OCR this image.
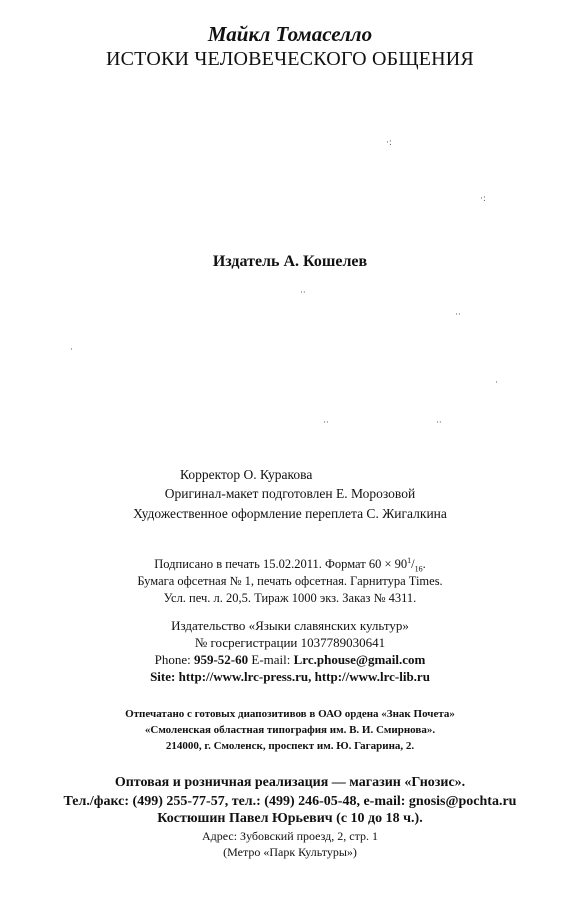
Майкл Томаселло
ИСТОКИ ЧЕЛОВЕЧЕСКОГО ОБЩЕНИЯ
Издатель А. Кошелев
·:
·:
··
··
·
·
··	··
Корректор О. Куракова
Оригинал-макет подготовлен Е. Морозовой
Художественное оформление переплета С. Жигалкина
Подписано в печать 15.02.2011. Формат $60 \times 90^1/_{16}$.
Бумага офсетная № 1, печать офсетная. Гарнитура Times.
Усл. печ. л. 20,5. Тираж 1000 экз. Заказ № 4311.
Издательство «Языки славянских культур»
№ госрегистрации 1037789030641
Phone: 959-52-60 E-mail: Lrc.phouse@gmail.com
Site: http://www.lrc-press.ru, http://www.lrc-lib.ru
Отпечатано с готовых диапозитивов в ОАО ордена «Знак Почета»
«Смоленская областная типография им. В. И. Смирнова».
214000, г. Смоленск, проспект им. Ю. Гагарина, 2.
Оптовая и розничная реализация — магазин «Гнозис».
Тел./факс: (499) 255-77-57, тел.: (499) 246-05-48, e-mail: gnosis@pochta.ru
Костюшин Павел Юрьевич (с 10 до 18 ч.).
Адрес: Зубовский проезд, 2, стр. 1
(Метро «Парк Культуры»)
